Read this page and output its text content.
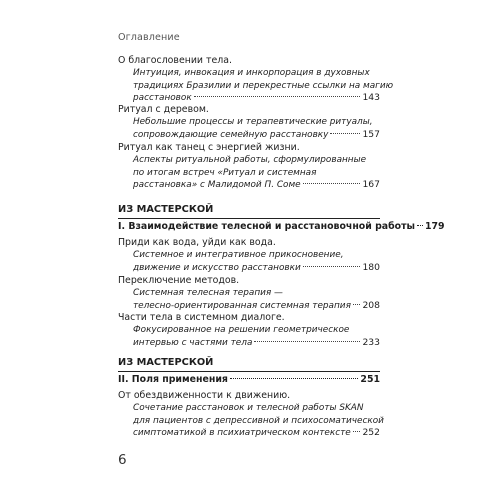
Оглавление
О благословении тела.
Интуиция, инвокация и инкорпорация в духовных
традициях Бразилии и перекрестные ссылки на магию
расстановок	143
Ритуал с деревом.
Небольшие процессы и терапевтические ритуалы,
сопровождающие семейную расстановку	157
Ритуал как танец с энергией жизни.
Аспекты ритуальной работы, сформулированные
по итогам встреч «Ритуал и системная
расстановка» с Малидомой П. Соме	167
ИЗ МАСТЕРСКОЙ
I. Взаимодействие телесной и расстановочной работы 179
Приди как вода, уйди как вода.
Системное и интегративное прикосновение,
движение и искусство расстановки	180
Переключение методов.
Системная телесная терапия —
телесно-ориентированная системная терапия 208
Части тела в системном диалоге.
Фокусированное на решении геометрическое
интервью с частями тела	233
ИЗ МАСТЕРСКОЙ
II. Поля применения	251
От обездвиженности к движению.
Сочетание расстановок и телесной работы SKAN
для пациентов с депрессивной и психосоматической
симптоматикой в психиатрическом контексте 252
6
